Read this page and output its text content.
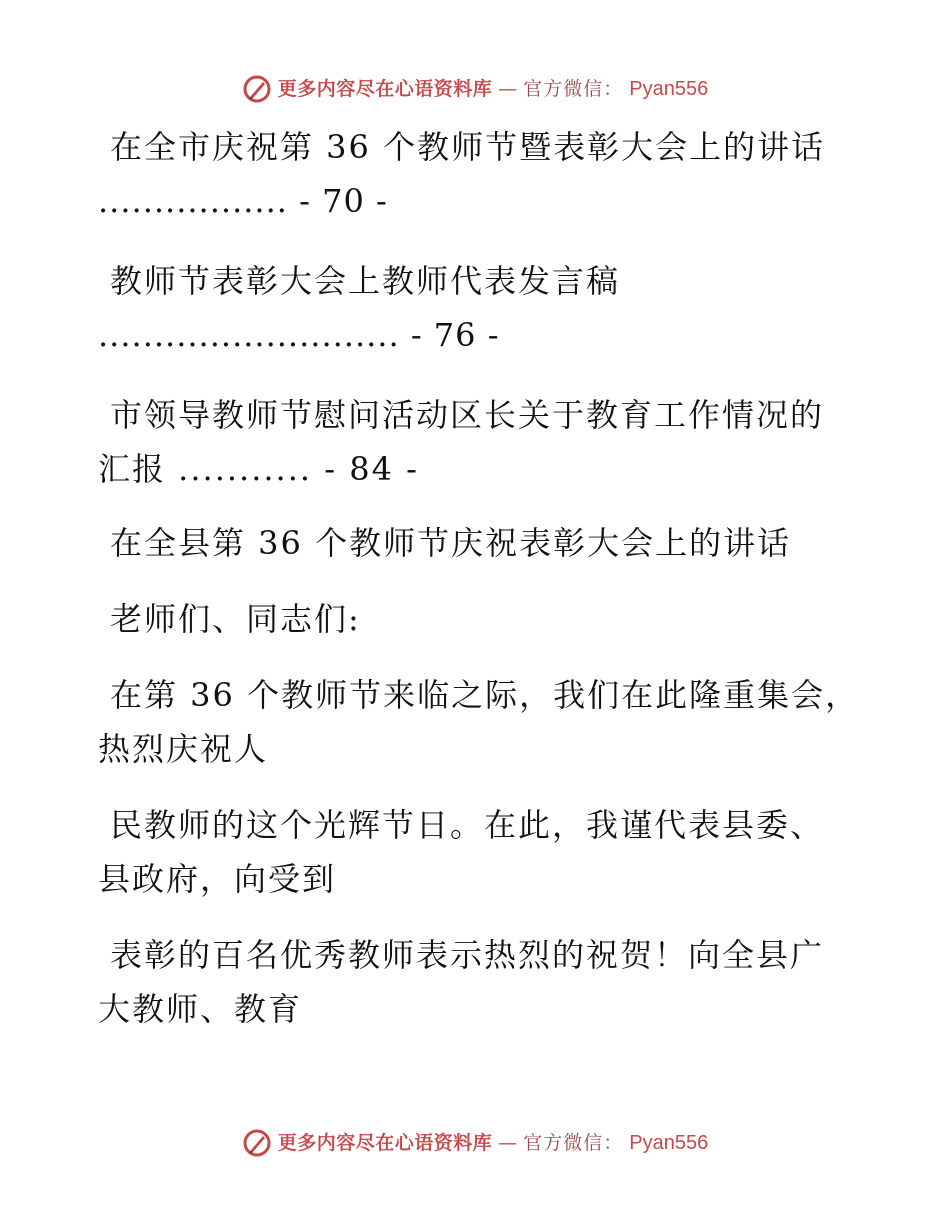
更多内容尽在心语资料库 — 官方微信： Pyan556

在全市庆祝第 36 个教师节暨表彰大会上的讲话

................. - 70 -

教师节表彰大会上教师代表发言稿

........................... - 76 -

市领导教师节慰问活动区长关于教育工作情况的

汇报 ........... - 84 -

在全县第 36 个教师节庆祝表彰大会上的讲话

老师们、同志们:

在第 36 个教师节来临之际，我们在此隆重集会，

热烈庆祝人

民教师的这个光辉节日。在此，我谨代表县委、

县政府，向受到

表彰的百名优秀教师表示热烈的祝贺！向全县广

大教师、教育

更多内容尽在心语资料库 — 官方微信： Pyan556
